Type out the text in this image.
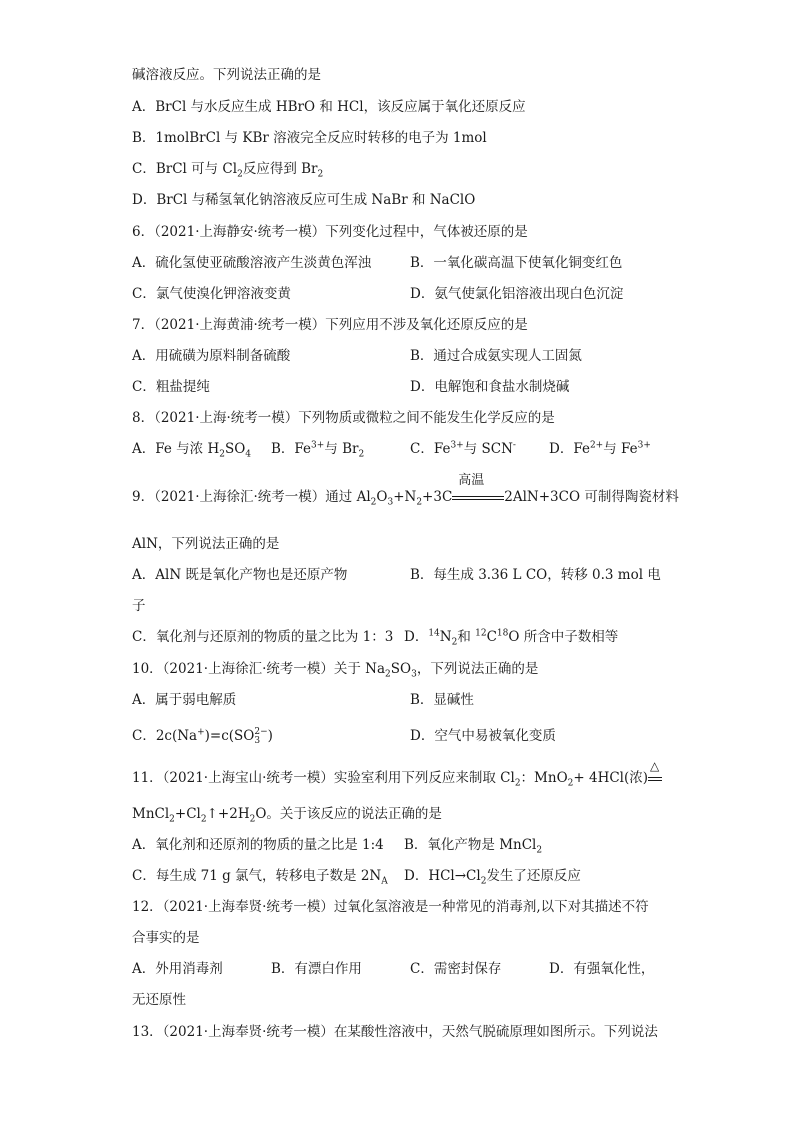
碱溶液反应。下列说法正确的是
A．BrCl 与水反应生成 HBrO 和 HCl，该反应属于氧化还原反应
B．1molBrCl 与 KBr 溶液完全反应时转移的电子为 1mol
C．BrCl 可与 $Cl_2$反应得到 $Br_2$
D．BrCl 与稀氢氧化钠溶液反应可生成 NaBr 和 NaClO
6．（2021·上海静安·统考一模）下列变化过程中，气体被还原的是
A．硫化氢使亚硫酸溶液产生淡黄色浑浊	B．一氧化碳高温下使氧化铜变红色
C．氯气使溴化钾溶液变黄	D．氨气使氯化铝溶液出现白色沉淀
7．（2021·上海黄浦·统考一模）下列应用不涉及氧化还原反应的是
A．用硫磺为原料制备硫酸	B．通过合成氨实现人工固氮
C．粗盐提纯	D．电解饱和食盐水制烧碱
8．（2021·上海·统考一模）下列物质或微粒之间不能发生化学反应的是
A．Fe 与浓 $H_2SO_4$ B．$Fe^{3+}$与 $Br_2$	C．$Fe^{3+}$与 SCN- D．$Fe^{2+}$与 $Fe^{3+}$
9．（2021·上海徐汇·统考一模）通过 $Al_2O_3+N_2+3C$
高温
2AlN+3CO 可制得陶瓷材料
AlN，下列说法正确的是
A．AlN 既是氧化产物也是还原产物	B．每生成 3.36 L CO，转移 0.3 mol 电
子
C．氧化剂与还原剂的物质的量之比为 1：3 D．$^{14}N_2$和 $^{12}C^{18}O$ 所含中子数相等
10．（2021·上海徐汇·统考一模）关于 $Na_2SO_3$，下列说法正确的是
A．属于弱电解质	B．显碱性
C．2c(Na+)=c(SO 2−
3 )	D．空气中易被氧化变质
11．（2021·上海宝山·统考一模）实验室利用下列反应来制取 $Cl_2$：MnO$_2$+ 4HCl(浓)
△
$MnCl_2+Cl_2↑+2H_2O$。关于该反应的说法正确的是
A．氧化剂和还原剂的物质的量之比是 1:4 B．氧化产物是 MnCl$_2$
C．每生成 71 g 氯气，转移电子数是 $2N_A$ D．$HCl\to Cl_2$发生了还原反应
12．（2021·上海奉贤·统考一模）过氧化氢溶液是一种常见的消毒剂,以下对其描述不符
合事实的是
A．外用消毒剂	B．有漂白作用	C．需密封保存	D．有强氧化性，
无还原性
13．（2021·上海奉贤·统考一模）在某酸性溶液中，天然气脱硫原理如图所示。下列说法
